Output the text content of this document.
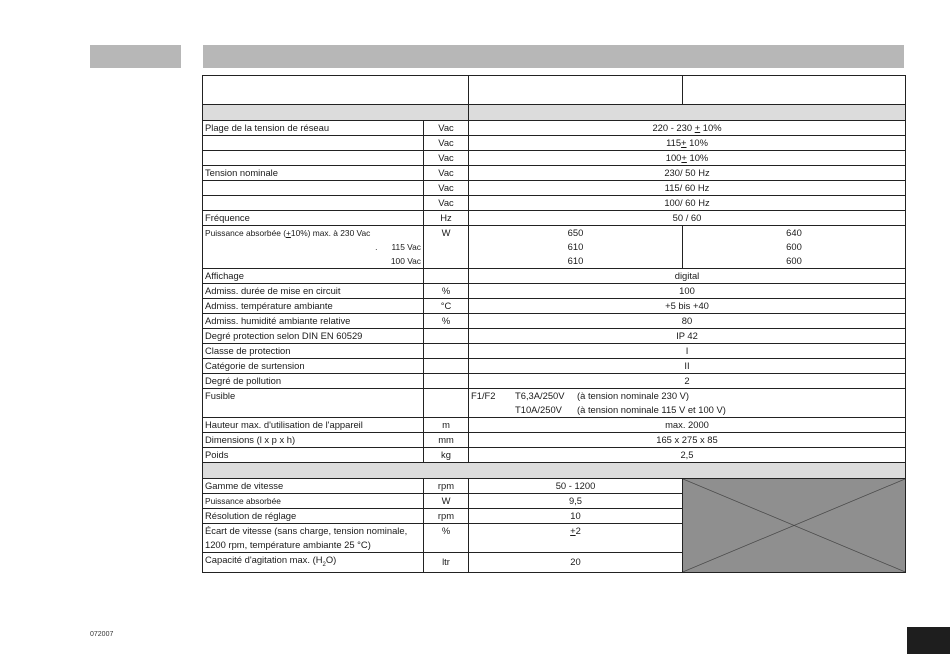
Plage de la tension de réseau	Vac	220 - 230 + 10%	
	Vac	115+ 10%	
	Vac	100+ 10%	
Tension nominale	Vac	230/ 50 Hz	
	Vac	115/ 60 Hz	
	Vac	100/ 60 Hz	
Fréquence	Hz	50 / 60	
Puissance absorbée (+10%) max. à 230 Vac	W	650	640
. 115 Vac		610	600
100 Vac		610	600
Affichage		digital	
Admiss. durée de mise en circuit	%	100	
Admiss. température ambiante	°C	+5 bis +40	
Admiss. humidité ambiante relative	%	80	
Degré protection selon DIN EN 60529		IP 42	
Classe de protection		I	
Catégorie de surtension		II	
Degré de pollution		2	
Fusible		F1/F2 T6,3A/250V (à tension nominale 230 V)	
		T10A/250V (à tension nominale 115 V et 100 V)	
Hauteur max. d'utilisation de l'appareil	m	max. 2000	
Dimensions (l x p x h)	mm	165 x 275 x 85	
Poids	kg	2,5	

Gamme de vitesse	rpm	50 - 1200	

Puissance absorbée	W	9,5	
Résolution de réglage	rpm	10	
Écart de vitesse (sans charge, tension nominale,
1200 rpm, température ambiante 25 °C)	%	+2	
Capacité d'agitation max. $(H_2O)$	ltr	20	
072007
